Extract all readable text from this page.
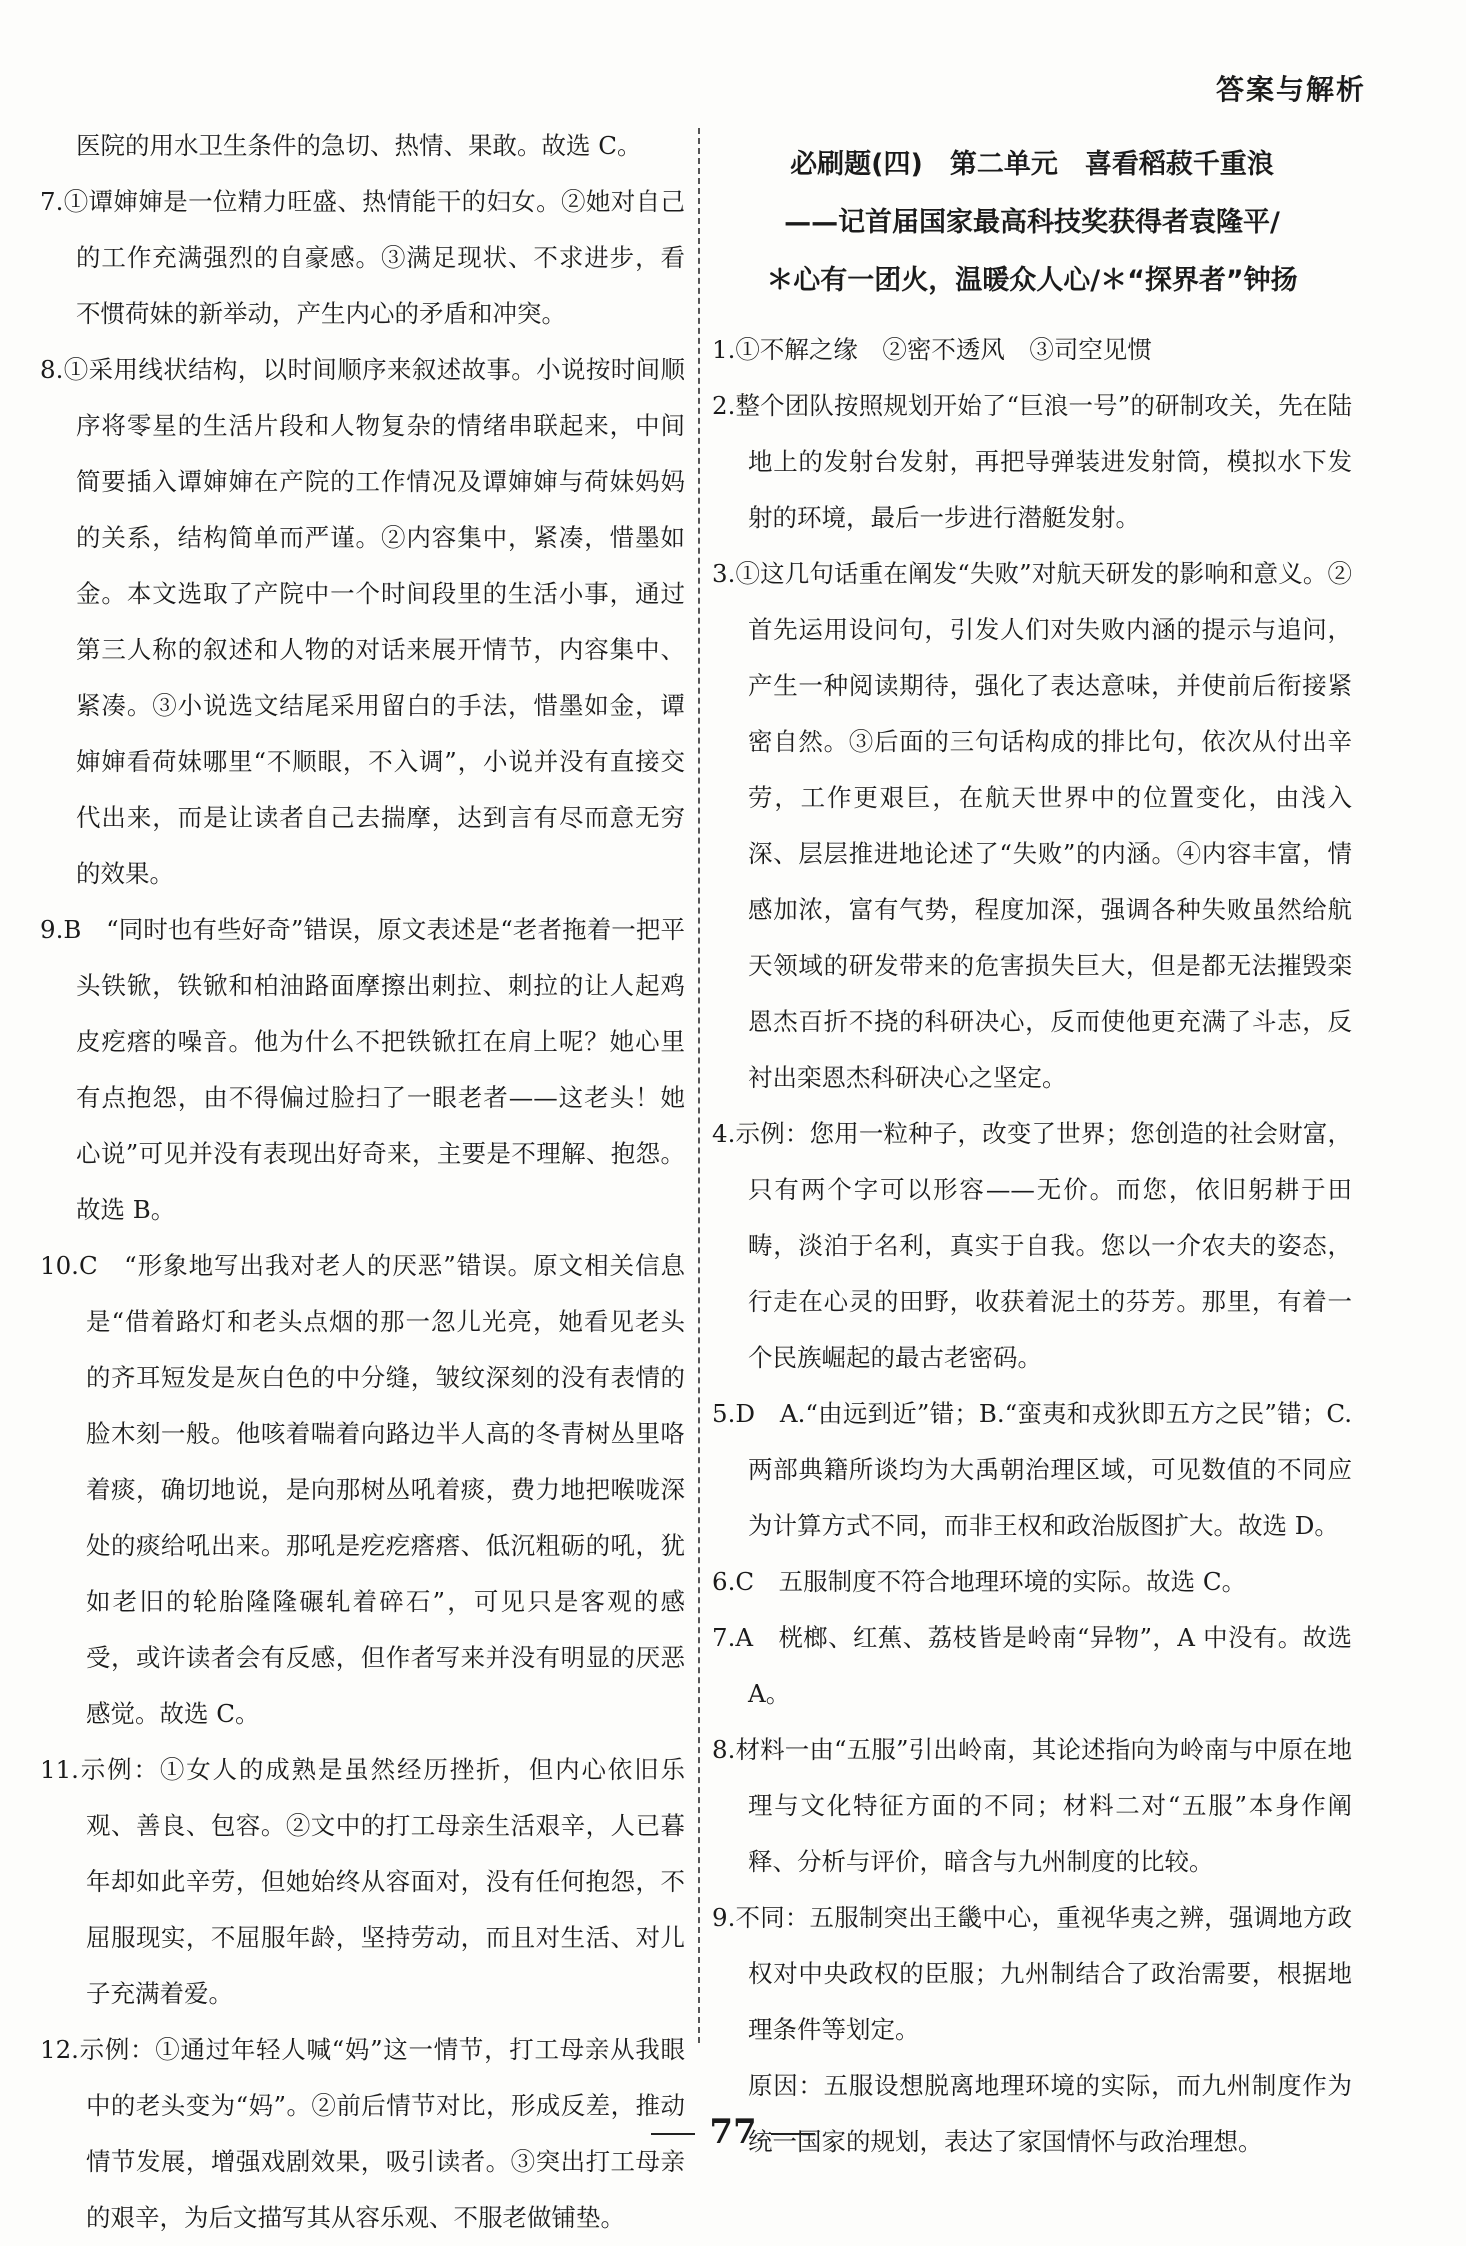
答案与解析
医院的用水卫生条件的急切、热情、果敢。故选 C。
7.①谭婶婶是一位精力旺盛、热情能干的妇女。②她对自己的工作充满强烈的自豪感。③满足现状、不求进步，看不惯荷妹的新举动，产生内心的矛盾和冲突。
8.①采用线状结构，以时间顺序来叙述故事。小说按时间顺序将零星的生活片段和人物复杂的情绪串联起来，中间简要插入谭婶婶在产院的工作情况及谭婶婶与荷妹妈妈的关系，结构简单而严谨。②内容集中，紧凑，惜墨如金。本文选取了产院中一个时间段里的生活小事，通过第三人称的叙述和人物的对话来展开情节，内容集中、紧凑。③小说选文结尾采用留白的手法，惜墨如金，谭婶婶看荷妹哪里“不顺眼，不入调”，小说并没有直接交代出来，而是让读者自己去揣摩，达到言有尽而意无穷的效果。
9.B　“同时也有些好奇”错误，原文表述是“老者拖着一把平头铁锨，铁锨和柏油路面摩擦出刺拉、刺拉的让人起鸡皮疙瘩的噪音。他为什么不把铁锨扛在肩上呢？她心里有点抱怨，由不得偏过脸扫了一眼老者——这老头！她心说”可见并没有表现出好奇来，主要是不理解、抱怨。故选 B。
10.C　“形象地写出我对老人的厌恶”错误。原文相关信息是“借着路灯和老头点烟的那一忽儿光亮，她看见老头的齐耳短发是灰白色的中分缝，皱纹深刻的没有表情的脸木刻一般。他咳着喘着向路边半人高的冬青树丛里咯着痰，确切地说，是向那树丛吼着痰，费力地把喉咙深处的痰给吼出来。那吼是疙疙瘩瘩、低沉粗砺的吼，犹如老旧的轮胎隆隆碾轧着碎石”，可见只是客观的感受，或许读者会有反感，但作者写来并没有明显的厌恶感觉。故选 C。
11.示例：①女人的成熟是虽然经历挫折，但内心依旧乐观、善良、包容。②文中的打工母亲生活艰辛，人已暮年却如此辛劳，但她始终从容面对，没有任何抱怨，不屈服现实，不屈服年龄，坚持劳动，而且对生活、对儿子充满着爱。
12.示例：①通过年轻人喊“妈”这一情节，打工母亲从我眼中的老头变为“妈”。②前后情节对比，形成反差，推动情节发展，增强戏剧效果，吸引读者。③突出打工母亲的艰辛，为后文描写其从容乐观、不服老做铺垫。
必刷题(四)　第二单元　喜看稻菽千重浪
——记首届国家最高科技奖获得者袁隆平/
＊心有一团火，温暖众人心/＊“探界者”钟扬
1.①不解之缘　②密不透风　③司空见惯
2.整个团队按照规划开始了“巨浪一号”的研制攻关，先在陆地上的发射台发射，再把导弹装进发射筒，模拟水下发射的环境，最后一步进行潜艇发射。
3.①这几句话重在阐发“失败”对航天研发的影响和意义。②首先运用设问句，引发人们对失败内涵的提示与追问，产生一种阅读期待，强化了表达意味，并使前后衔接紧密自然。③后面的三句话构成的排比句，依次从付出辛劳，工作更艰巨，在航天世界中的位置变化，由浅入深、层层推进地论述了“失败”的内涵。④内容丰富，情感加浓，富有气势，程度加深，强调各种失败虽然给航天领域的研发带来的危害损失巨大，但是都无法摧毁栾恩杰百折不挠的科研决心，反而使他更充满了斗志，反衬出栾恩杰科研决心之坚定。
4.示例：您用一粒种子，改变了世界；您创造的社会财富，只有两个字可以形容——无价。而您，依旧躬耕于田畴，淡泊于名利，真实于自我。您以一介农夫的姿态，行走在心灵的田野，收获着泥土的芬芳。那里，有着一个民族崛起的最古老密码。
5.D　A.“由远到近”错；B.“蛮夷和戎狄即五方之民”错；C.两部典籍所谈均为大禹朝治理区域，可见数值的不同应为计算方式不同，而非王权和政治版图扩大。故选 D。
6.C　五服制度不符合地理环境的实际。故选 C。
7.A　桄榔、红蕉、荔枝皆是岭南“异物”，A 中没有。故选 A。
8.材料一由“五服”引出岭南，其论述指向为岭南与中原在地理与文化特征方面的不同；材料二对“五服”本身作阐释、分析与评价，暗含与九州制度的比较。
9.不同：五服制突出王畿中心，重视华夷之辨，强调地方政权对中央政权的臣服；九州制结合了政治需要，根据地理条件等划定。
原因：五服设想脱离地理环境的实际，而九州制度作为统一国家的规划，表达了家国情怀与政治理想。
77
